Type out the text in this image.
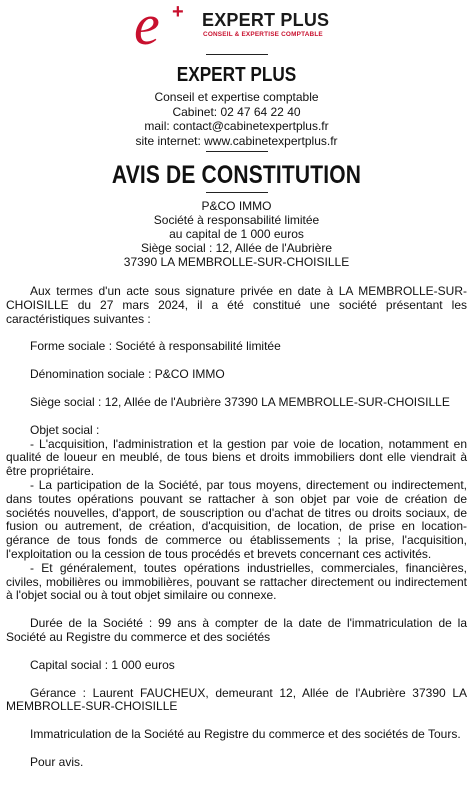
e + EXPERT PLUS
CONSEIL & EXPERTISE COMPTABLE
EXPERT PLUS
Conseil et expertise comptable
Cabinet: 02 47 64 22 40
mail: contact@cabinetexpertplus.fr
site internet: www.cabinetexpertplus.fr
AVIS DE CONSTITUTION
P&CO IMMO
Société à responsabilité limitée
au capital de 1 000 euros
Siège social : 12, Allée de l'Aubrière
37390 LA MEMBROLLE-SUR-CHOISILLE

Aux termes d'un acte sous signature privée en date à LA MEMBROLLE-SUR-CHOISILLE du 27 mars 2024, il a été constitué une société présentant les caractéristiques suivantes :

Forme sociale : Société à responsabilité limitée

Dénomination sociale : P&CO IMMO

Siège social : 12, Allée de l'Aubrière 37390 LA MEMBROLLE-SUR-CHOISILLE

Objet social :

- L'acquisition, l'administration et la gestion par voie de location, notamment en qualité de loueur en meublé, de tous biens et droits immobiliers dont elle viendrait à être propriétaire.

- La participation de la Société, par tous moyens, directement ou indirectement, dans toutes opérations pouvant se rattacher à son objet par voie de création de sociétés nouvelles, d'apport, de souscription ou d'achat de titres ou droits sociaux, de fusion ou autrement, de création, d'acquisition, de location, de prise en location-gérance de tous fonds de commerce ou établissements ; la prise, l'acquisition, l'exploitation ou la cession de tous procédés et brevets concernant ces activités.

- Et généralement, toutes opérations industrielles, commerciales, financières, civiles, mobilières ou immobilières, pouvant se rattacher directement ou indirectement à l'objet social ou à tout objet similaire ou connexe.

Durée de la Société : 99 ans à compter de la date de l'immatriculation de la Société au Registre du commerce et des sociétés

Capital social : 1 000 euros

Gérance : Laurent FAUCHEUX, demeurant 12, Allée de l'Aubrière 37390 LA MEMBROLLE-SUR-CHOISILLE

Immatriculation de la Société au Registre du commerce et des sociétés de Tours.

Pour avis.
